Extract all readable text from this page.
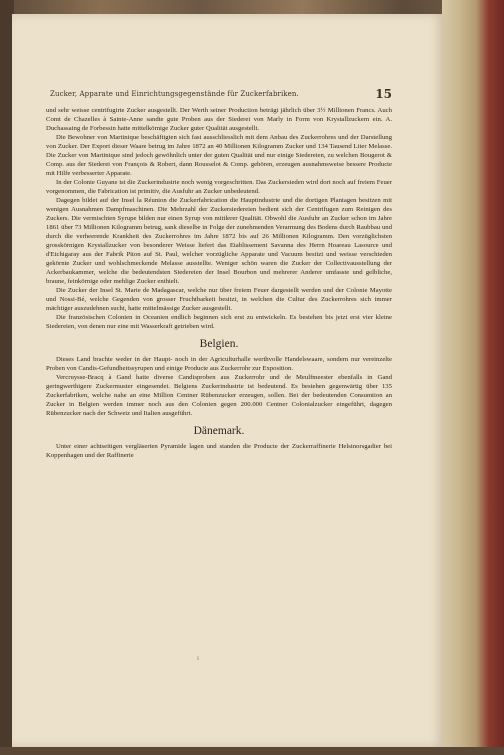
Zucker, Apparate und Einrichtungsgegenstände für Zuckerfabriken.	15

und sehr weisse centrifugirte Zucker ausgestellt. Der Werth seiner Production beträgt jährlich über 3½ Millionen Francs. Auch Comt de Chazelles à Sainte-Anne sandte gute Proben aus der Siederei von Marly in Form von Krystallzuckern ein. A. Duchassaing de Forbessin hatte mittelkörnige Zucker guter Qualität ausgestellt.

Die Bewohner von Martinique beschäftigten sich fast ausschliesslich mit dem Anbau des Zuckerrohres und der Darstellung von Zucker. Der Export dieser Waare betrug im Jahre 1872 an 40 Millionen Kilogramm Zucker und 134 Tausend Liter Melasse. Die Zucker von Martinique sind jedoch gewöhnlich unter der guten Qualität und nur einige Siedereien, zu welchen Bougerot & Comp. aus der Siederei von François & Robert, dann Rousselot & Comp. gehören, erzeugen ausnahmsweise bessere Producte mit Hilfe verbesserter Apparate.

In der Colonie Guyane ist die Zuckerindustrie noch wenig vorgeschritten. Das Zuckersieden wird dort noch auf freiem Feuer vorgenommen, die Fabrication ist primitiv, die Ausfuhr an Zucker unbedeutend.

Dagegen bildet auf der Insel la Réunion die Zuckerfabrication die Hauptindustrie und die dortigen Plantagen besitzen mit wenigen Ausnahmen Dampfmaschinen. Die Mehrzahl der Zuckersiedereien bedient sich der Centrifugen zum Reinigen des Zuckers. Die vermischten Syrupe bilden nur einen Syrup von mittlerer Qualität. Obwohl die Ausfuhr an Zucker schon im Jahre 1861 über 73 Millionen Kilogramm betrug, sank dieselbe in Folge der zunehmenden Verarmung des Bodens durch Raubbau und durch die verheerende Krankheit des Zuckerrohres im Jahre 1872 bis auf 26 Millionen Kilogramm. Den vorzüglichsten grosskörnigen Krystallzucker von besonderer Weisse liefert das Etablissement Savanna des Herrn Hoareau Lasource und d'Etchigaray aus der Fabrik Piton auf St. Paul, welcher vorzügliche Apparate und Vacuum besitzt und weisse verschieden gekörnte Zucker und wohlschmeckende Melasse ausstellte. Weniger schön waren die Zucker der Collectivausstellung der Ackerbaukammer, welche die bedeutendsten Siedereien der Insel Bourbon und mehrerer Anderer umfasste und gelbliche, braune, feinkörnige oder mehlige Zucker enthielt.

Die Zucker der Insel St. Marie de Madagascar, welche nur über freiem Feuer dargestellt werden und der Colonie Mayotte und Nossi-Bé, welche Gegenden von grosser Fruchtbarkeit besitzt, in welchen die Cultur des Zuckerrohres sich immer mächtiger auszudehnen sucht, hatte mittelmässige Zucker ausgestellt.

Die französischen Colonien in Oceanien endlich beginnen sich erst zu entwickeln. Es bestehen bis jetzt erst vier kleine Siedereien, von denen nur eine mit Wasserkraft getrieben wird.

Belgien.

Dieses Land brachte weder in der Haupt- noch in der Agriculturhalle werthvolle Handelswaare, sondern nur vereinzelte Proben von Candis-Gefundheitssyrupen und einige Producte aus Zuckerrohr zur Exposition.

Vercruysse-Bracq à Gand hatte diverse Candisproben aus Zuckerrohr und de Meulfmeester ebenfalls in Gand geringwerthigere Zuckermuster eingesendet. Belgiens Zuckerindustrie ist bedeutend. Es bestehen gegenwärtig über 135 Zuckerfabriken, welche nahe an eine Million Centner Rübenzucker erzeugen, sollen. Bei der bedeutenden Consumtion an Zucker in Belgien werden immer noch aus den Colonien gegen 200.000 Centner Colonialzucker eingeführt, dagegen Rübenzucker nach der Schweiz und Italien ausgeführt.

Dänemark.

Unter einer achtseitigen vergläserten Pyramide lagen und standen die Producte der Zuckerraffinerie Helsinorsgadier bei Koppenhagen und der Raffinerie

ı
